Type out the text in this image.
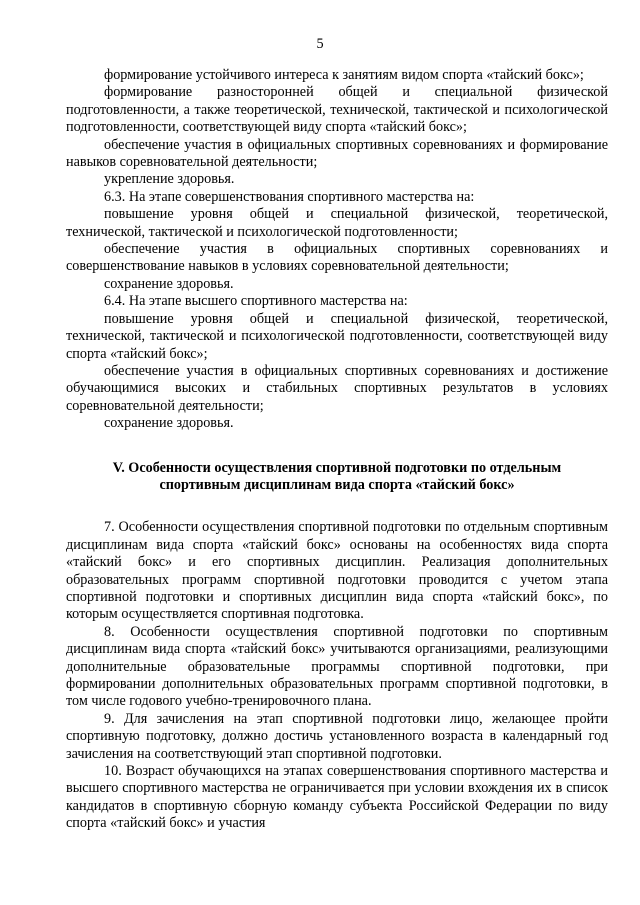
5

формирование устойчивого интереса к занятиям видом спорта «тайский бокс»;

формирование разносторонней общей и специальной физической подготовленности, а также теоретической, технической, тактической и психологической подготовленности, соответствующей виду спорта «тайский бокс»;

обеспечение участия в официальных спортивных соревнованиях и формирование навыков соревновательной деятельности;

укрепление здоровья.

6.3. На этапе совершенствования спортивного мастерства на:

повышение уровня общей и специальной физической, теоретической, технической, тактической и психологической подготовленности;

обеспечение участия в официальных спортивных соревнованиях и совершенствование навыков в условиях соревновательной деятельности;

сохранение здоровья.

6.4. На этапе высшего спортивного мастерства на:

повышение уровня общей и специальной физической, теоретической, технической, тактической и психологической подготовленности, соответствующей виду спорта «тайский бокс»;

обеспечение участия в официальных спортивных соревнованиях и достижение обучающимися высоких и стабильных спортивных результатов в условиях соревновательной деятельности;

сохранение здоровья.

V. Особенности осуществления спортивной подготовки по отдельным
спортивным дисциплинам вида спорта «тайский бокс»

7. Особенности осуществления спортивной подготовки по отдельным спортивным дисциплинам вида спорта «тайский бокс» основаны на особенностях вида спорта «тайский бокс» и его спортивных дисциплин. Реализация дополнительных образовательных программ спортивной подготовки проводится с учетом этапа спортивной подготовки и спортивных дисциплин вида спорта «тайский бокс», по которым осуществляется спортивная подготовка.

8. Особенности осуществления спортивной подготовки по спортивным дисциплинам вида спорта «тайский бокс» учитываются организациями, реализующими дополнительные образовательные программы спортивной подготовки, при формировании дополнительных образовательных программ спортивной подготовки, в том числе годового учебно-тренировочного плана.

9. Для зачисления на этап спортивной подготовки лицо, желающее пройти спортивную подготовку, должно достичь установленного возраста в календарный год зачисления на соответствующий этап спортивной подготовки.

10. Возраст обучающихся на этапах совершенствования спортивного мастерства и высшего спортивного мастерства не ограничивается при условии вхождения их в список кандидатов в спортивную сборную команду субъекта Российской Федерации по виду спорта «тайский бокс» и участия
